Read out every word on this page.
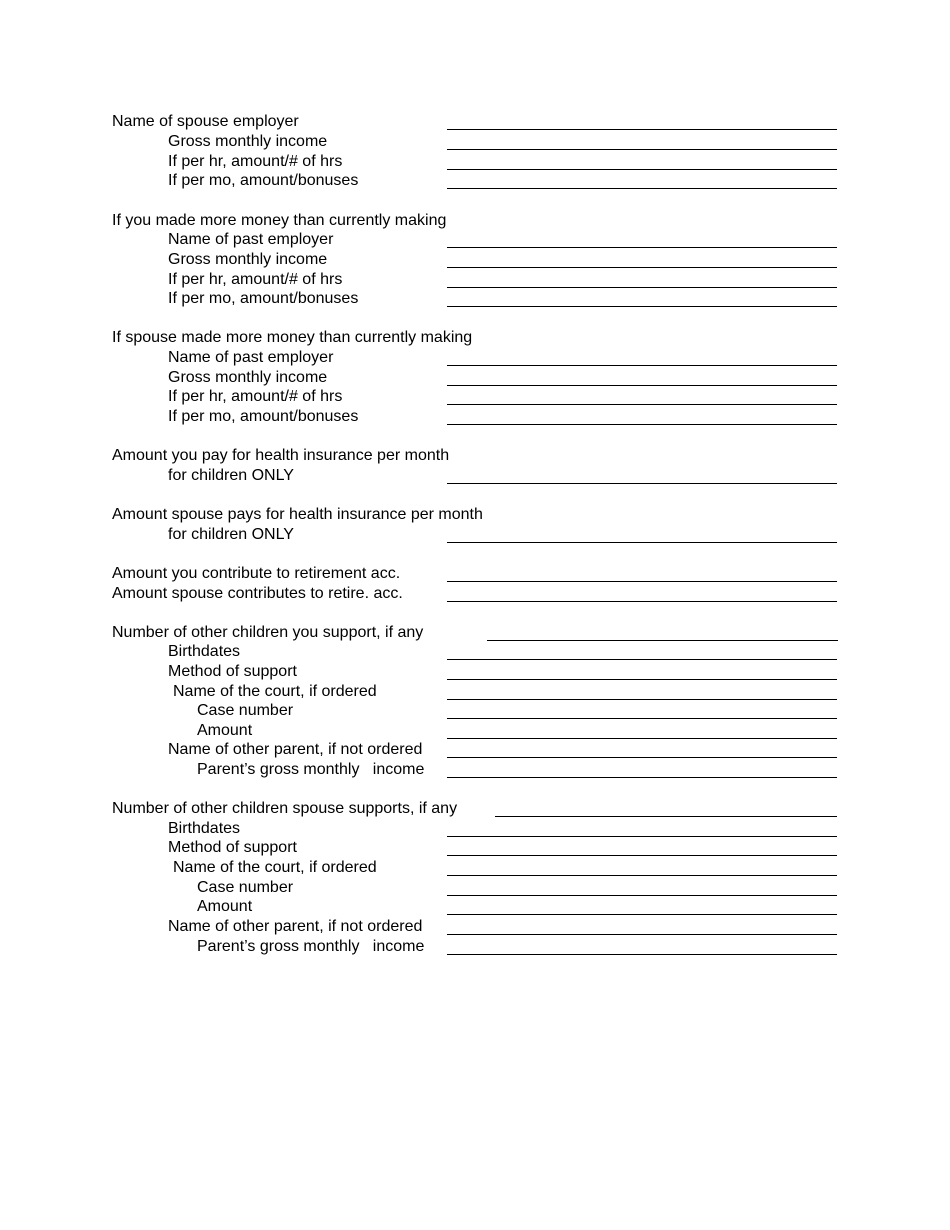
Name of spouse employer
Gross monthly income
If per hr, amount/# of hrs
If per mo, amount/bonuses
If you made more money than currently making
Name of past employer
Gross monthly income
If per hr, amount/# of hrs
If per mo, amount/bonuses
If spouse made more money than currently making
Name of past employer
Gross monthly income
If per hr, amount/# of hrs
If per mo, amount/bonuses
Amount you pay for health insurance per month
for children ONLY
Amount spouse pays for health insurance per month
for children ONLY
Amount you contribute to retirement acc.
Amount spouse contributes to retire. acc.
Number of other children you support, if any
Birthdates
Method of support
Name of the court, if ordered
Case number
Amount
Name of other parent, if not ordered
Parent’s gross monthly   income
Number of other children spouse supports, if any
Birthdates
Method of support
Name of the court, if ordered
Case number
Amount
Name of other parent, if not ordered
Parent’s gross monthly   income
